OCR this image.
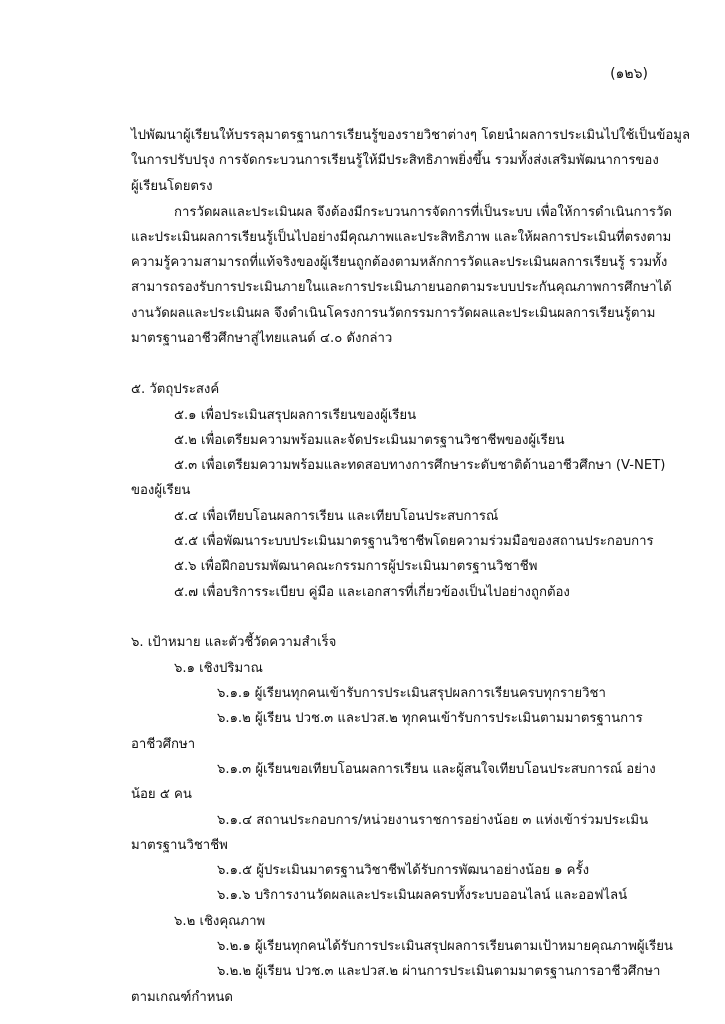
(๑๒๖)

ไปพัฒนาผู้เรียนให้บรรลุมาตรฐานการเรียนรู้ของรายวิชาต่างๆ โดยนำผลการประเมินไปใช้เป็นข้อมูล

ในการปรับปรุง การจัดกระบวนการเรียนรู้ให้มีประสิทธิภาพยิ่งขึ้น รวมทั้งส่งเสริมพัฒนาการของ

ผู้เรียนโดยตรง

การวัดผลและประเมินผล จึงต้องมีกระบวนการจัดการที่เป็นระบบ เพื่อให้การดำเนินการวัด

และประเมินผลการเรียนรู้เป็นไปอย่างมีคุณภาพและประสิทธิภาพ และให้ผลการประเมินที่ตรงตาม

ความรู้ความสามารถที่แท้จริงของผู้เรียนถูกต้องตามหลักการวัดและประเมินผลการเรียนรู้ รวมทั้ง

สามารถรองรับการประเมินภายในและการประเมินภายนอกตามระบบประกันคุณภาพการศึกษาได้

งานวัดผลและประเมินผล จึงดำเนินโครงการนวัตกรรมการวัดผลและประเมินผลการเรียนรู้ตาม

มาตรฐานอาชีวศึกษาสู่ไทยแลนด์ ๔.๐ ดังกล่าว

๕. วัตถุประสงค์

๕.๑ เพื่อประเมินสรุปผลการเรียนของผู้เรียน

๕.๒ เพื่อเตรียมความพร้อมและจัดประเมินมาตรฐานวิชาชีพของผู้เรียน

๕.๓ เพื่อเตรียมความพร้อมและทดสอบทางการศึกษาระดับชาติด้านอาชีวศึกษา (V-NET)

ของผู้เรียน

๕.๔ เพื่อเทียบโอนผลการเรียน และเทียบโอนประสบการณ์

๕.๕ เพื่อพัฒนาระบบประเมินมาตรฐานวิชาชีพโดยความร่วมมือของสถานประกอบการ

๕.๖ เพื่อฝึกอบรมพัฒนาคณะกรรมการผู้ประเมินมาตรฐานวิชาชีพ

๕.๗ เพื่อบริการระเบียบ คู่มือ และเอกสารที่เกี่ยวข้องเป็นไปอย่างถูกต้อง

๖. เป้าหมาย และตัวชี้วัดความสำเร็จ

๖.๑ เชิงปริมาณ

๖.๑.๑ ผู้เรียนทุกคนเข้ารับการประเมินสรุปผลการเรียนครบทุกรายวิชา

๖.๑.๒ ผู้เรียน ปวช.๓ และปวส.๒ ทุกคนเข้ารับการประเมินตามมาตรฐานการ

อาชีวศึกษา

๖.๑.๓ ผู้เรียนขอเทียบโอนผลการเรียน และผู้สนใจเทียบโอนประสบการณ์ อย่าง

น้อย ๕ คน

๖.๑.๔ สถานประกอบการ/หน่วยงานราชการอย่างน้อย ๓ แห่งเข้าร่วมประเมิน

มาตรฐานวิชาชีพ

๖.๑.๕ ผู้ประเมินมาตรฐานวิชาชีพได้รับการพัฒนาอย่างน้อย ๑ ครั้ง

๖.๑.๖ บริการงานวัดผลและประเมินผลครบทั้งระบบออนไลน์ และออฟไลน์

๖.๒ เชิงคุณภาพ

๖.๒.๑ ผู้เรียนทุกคนได้รับการประเมินสรุปผลการเรียนตามเป้าหมายคุณภาพผู้เรียน

๖.๒.๒ ผู้เรียน ปวช.๓ และปวส.๒ ผ่านการประเมินตามมาตรฐานการอาชีวศึกษา

ตามเกณฑ์กำหนด
